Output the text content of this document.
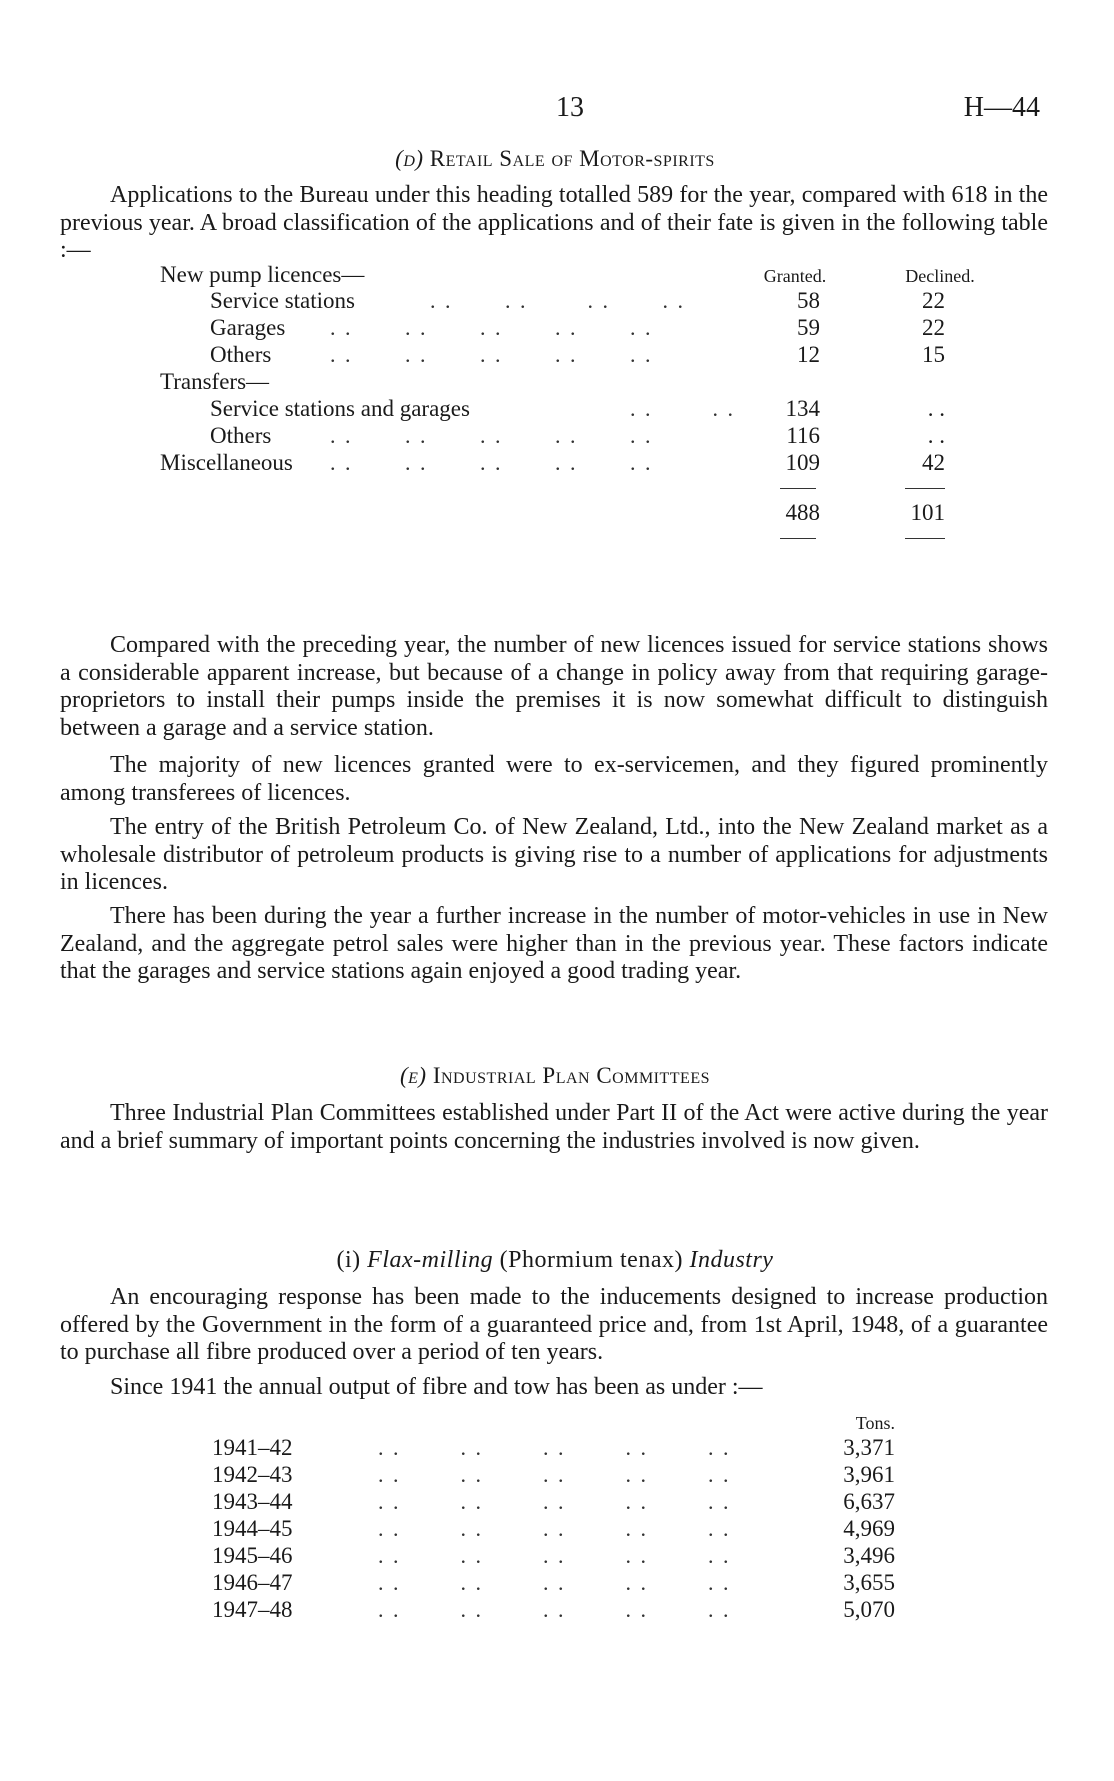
13	H—44
(d) Retail Sale of Motor-spirits

Applications to the Bureau under this heading totalled 589 for the year, compared with 618 in the previous year. A broad classification of the applications and of their fate is given in the following table :—

New pump licences—	Granted.	Declined.
Service stations	. .       . .        . .       . .	58	22
Garages . .       . .       . .       . .       . .	59	22
Others	. .       . .       . .       . .       . .	12	15
Transfers—
Service stations and garages	. .        . .	134	. .
Others	. .       . .       . .       . .       . .	116	. .
Miscellaneous . .       . .       . .       . .       . .	109	42
488	101

Compared with the preceding year, the number of new licences issued for service stations shows a considerable apparent increase, but because of a change in policy away from that requiring garage-proprietors to install their pumps inside the premises it is now somewhat difficult to distinguish between a garage and a service station.

The majority of new licences granted were to ex-servicemen, and they figured prominently among transferees of licences.

The entry of the British Petroleum Co. of New Zealand, Ltd., into the New Zealand market as a wholesale distributor of petroleum products is giving rise to a number of applications for adjustments in licences.

There has been during the year a further increase in the number of motor-vehicles in use in New Zealand, and the aggregate petrol sales were higher than in the previous year. These factors indicate that the garages and service stations again enjoyed a good trading year.

(e) Industrial Plan Committees

Three Industrial Plan Committees established under Part II of the Act were active during the year and a brief summary of important points concerning the industries involved is now given.

(i) Flax-milling (Phormium tenax) Industry

An encouraging response has been made to the inducements designed to increase production offered by the Government in the form of a guaranteed price and, from 1st April, 1948, of a guarantee to purchase all fibre produced over a period of ten years.

Since 1941 the annual output of fibre and tow has been as under :—

Tons.
1941–42	. .        . .        . .        . .        . .	3,371
1942–43	. .        . .        . .        . .        . .	3,961
1943–44	. .        . .        . .        . .        . .	6,637
1944–45	. .        . .        . .        . .        . .	4,969
1945–46	. .        . .        . .        . .        . .	3,496
1946–47	. .        . .        . .        . .        . .	3,655
1947–48	. .        . .        . .        . .        . .	5,070
